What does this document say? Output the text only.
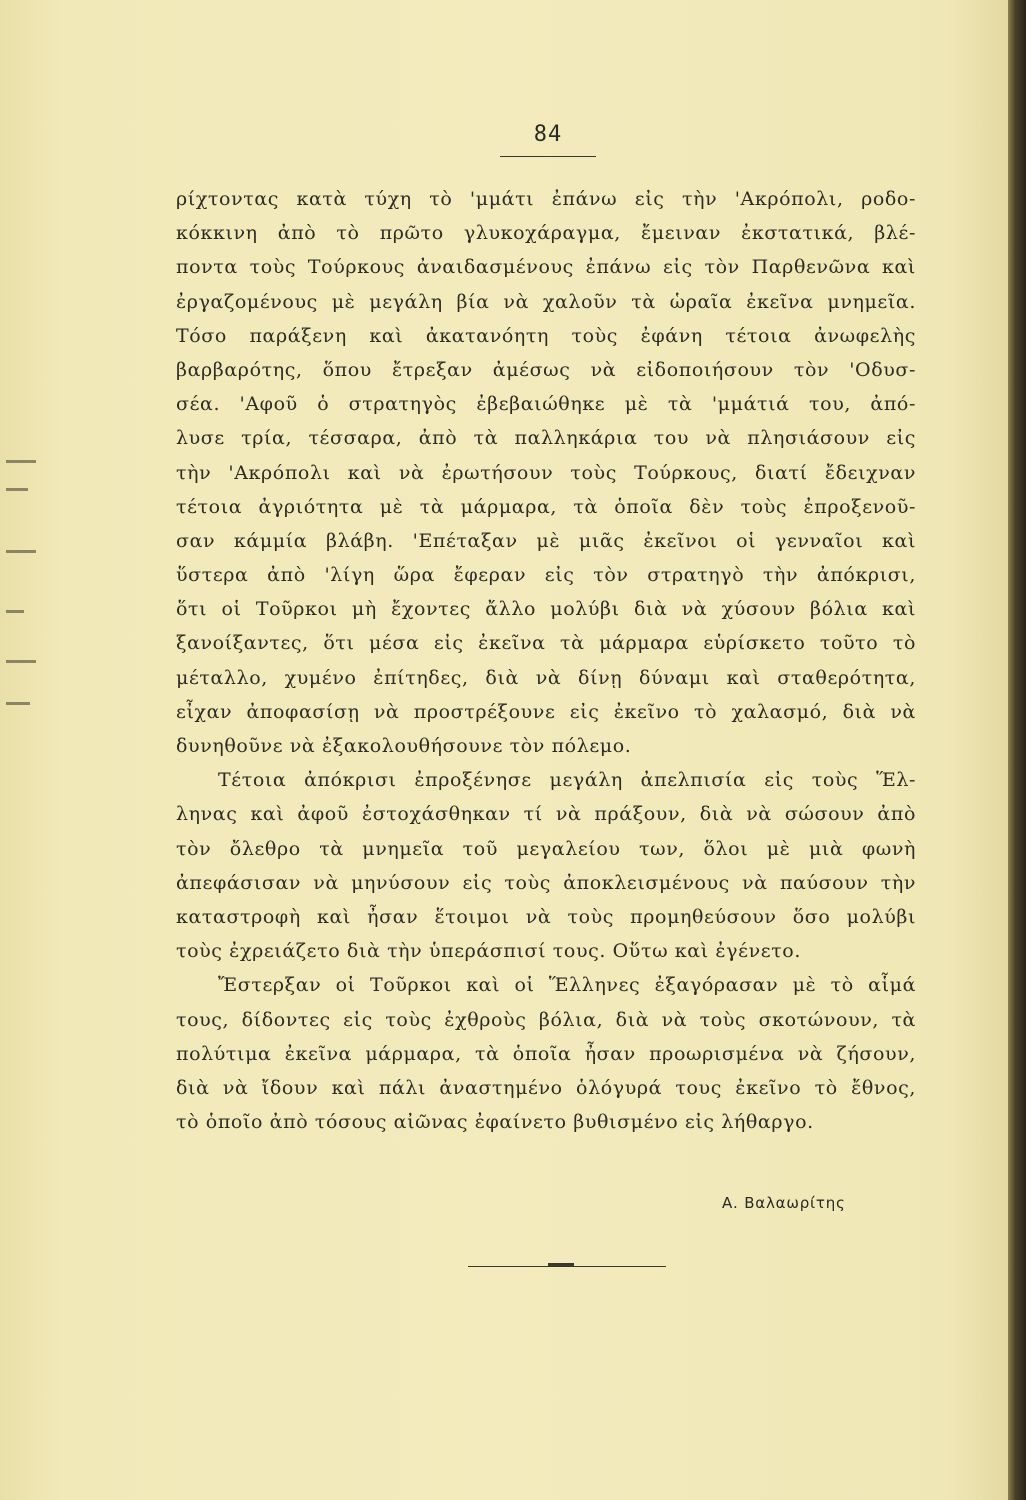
84
ρίχτοντας κατὰ τύχη τὸ 'μμάτι ἐπάνω εἰς τὴν 'Ακρόπολι, ροδο-
κόκκινη ἀπὸ τὸ πρῶτο γλυκοχάραγμα, ἔμειναν ἐκστατικά, βλέ-
ποντα τοὺς Τούρκους ἀναιδασμένους ἐπάνω εἰς τὸν Παρθενῶνα καὶ
ἐργαζομένους μὲ μεγάλη βία νὰ χαλοῦν τὰ ὡραῖα ἐκεῖνα μνημεῖα.
Τόσο παράξενη καὶ ἀκατανόητη τοὺς ἐφάνη τέτοια ἀνωφελὴς
βαρβαρότης, ὅπου ἔτρεξαν ἀμέσως νὰ εἰδοποιήσουν τὸν 'Οδυσ-
σέα. 'Αφοῦ ὁ στρατηγὸς ἐβεβαιώθηκε μὲ τὰ 'μμάτιά του, ἀπό-
λυσε τρία, τέσσαρα, ἀπὸ τὰ παλληκάρια του νὰ πλησιάσουν εἰς
τὴν 'Ακρόπολι καὶ νὰ ἐρωτήσουν τοὺς Τούρκους, διατί ἔδειχναν
τέτοια ἀγριότητα μὲ τὰ μάρμαρα, τὰ ὁποῖα δὲν τοὺς ἐπροξενοῦ-
σαν κάμμία βλάβη. 'Επέταξαν μὲ μιᾶς ἐκεῖνοι οἱ γενναῖοι καὶ
ὕστερα ἀπὸ 'λίγη ὥρα ἔφεραν εἰς τὸν στρατηγὸ τὴν ἀπόκρισι,
ὅτι οἱ Τοῦρκοι μὴ ἔχοντες ἄλλο μολύβι διὰ νὰ χύσουν βόλια καὶ
ξανοίξαντες, ὅτι μέσα εἰς ἐκεῖνα τὰ μάρμαρα εὑρίσκετο τοῦτο τὸ
μέταλλο, χυμένο ἐπίτηδες, διὰ νὰ δίνῃ δύναμι καὶ σταθερότητα,
εἶχαν ἀποφασίσῃ νὰ προστρέξουνε εἰς ἐκεῖνο τὸ χαλασμό, διὰ νὰ
δυνηθοῦνε νὰ ἐξακολουθήσουνε τὸν πόλεμο.
Τέτοια ἀπόκρισι ἐπροξένησε μεγάλη ἀπελπισία εἰς τοὺς Ἕλ-
ληνας καὶ ἀφοῦ ἐστοχάσθηκαν τί νὰ πράξουν, διὰ νὰ σώσουν ἀπὸ
τὸν ὄλεθρο τὰ μνημεῖα τοῦ μεγαλείου των, ὅλοι μὲ μιὰ φωνὴ
ἀπεφάσισαν νὰ μηνύσουν εἰς τοὺς ἀποκλεισμένους νὰ παύσουν τὴν
καταστροφὴ καὶ ἦσαν ἕτοιμοι νὰ τοὺς προμηθεύσουν ὅσο μολύβι
τοὺς ἐχρειάζετο διὰ τὴν ὑπεράσπισί τους. Οὕτω καὶ ἐγένετο.
Ἔστερξαν οἱ Τοῦρκοι καὶ οἱ Ἕλληνες ἐξαγόρασαν μὲ τὸ αἷμά
τους, δίδοντες εἰς τοὺς ἐχθροὺς βόλια, διὰ νὰ τοὺς σκοτώνουν, τὰ
πολύτιμα ἐκεῖνα μάρμαρα, τὰ ὁποῖα ἦσαν προωρισμένα νὰ ζήσουν,
διὰ νὰ ἴδουν καὶ πάλι ἀναστημένο ὁλόγυρά τους ἐκεῖνο τὸ ἔθνος,
τὸ ὁποῖο ἀπὸ τόσους αἰῶνας ἐφαίνετο βυθισμένο εἰς λήθαργο.
Α. Βαλαωρίτης
